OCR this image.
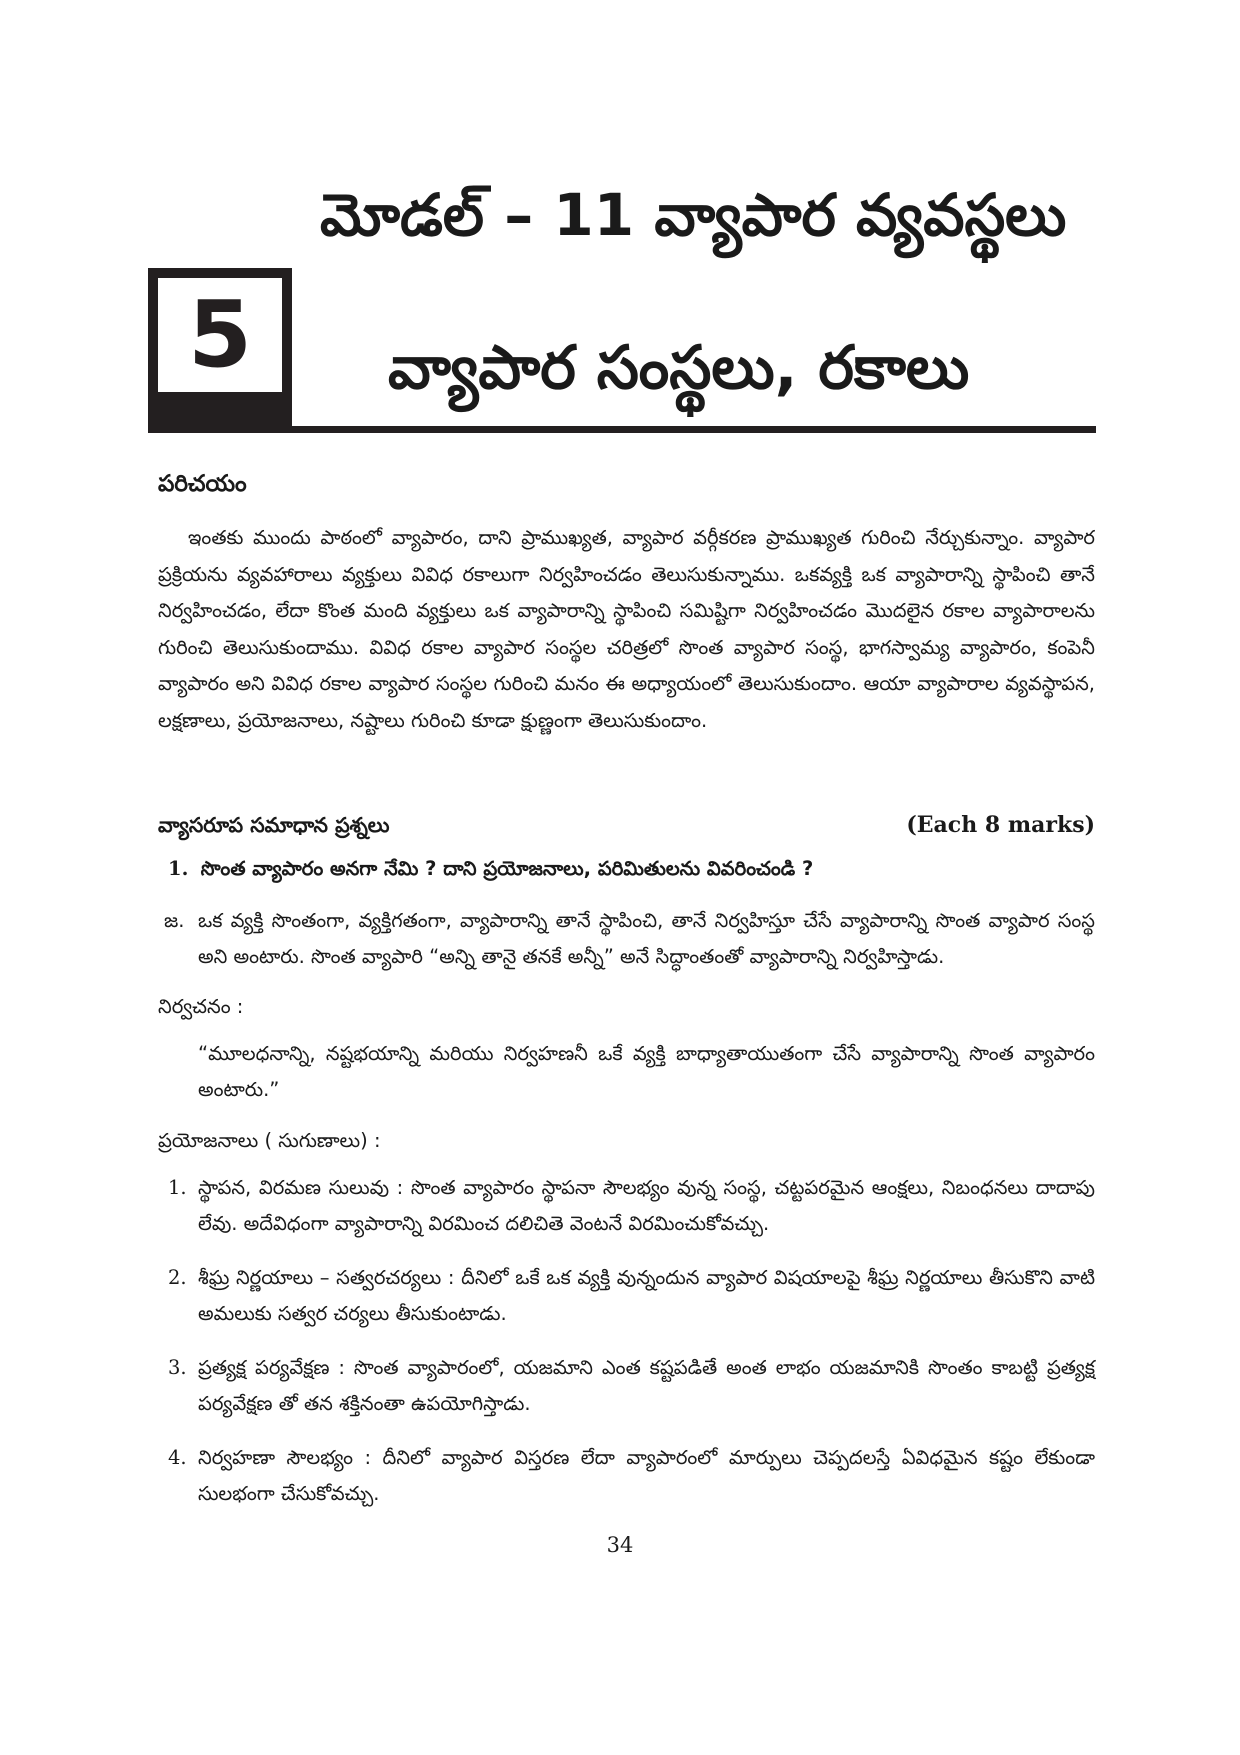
మోడల్ – 11 వ్యాపార వ్యవస్థలు
5 వ్యాపార సంస్థలు, రకాలు
పరిచయం

ఇంతకు ముందు పాఠంలో వ్యాపారం, దాని ప్రాముఖ్యత, వ్యాపార వర్గీకరణ ప్రాముఖ్యత గురించి నేర్చుకున్నాం. వ్యాపార ప్రక్రియను వ్యవహారాలు వ్యక్తులు వివిధ రకాలుగా నిర్వహించడం తెలుసుకున్నాము. ఒకవ్యక్తి ఒక వ్యాపారాన్ని స్థాపించి తానే నిర్వహించడం, లేదా కొంత మంది వ్యక్తులు ఒక వ్యాపారాన్ని స్థాపించి సమిష్టిగా నిర్వహించడం మొదలైన రకాల వ్యాపారాలను గురించి తెలుసుకుందాము. వివిధ రకాల వ్యాపార సంస్థల చరిత్రలో సొంత వ్యాపార సంస్థ, భాగస్వామ్య వ్యాపారం, కంపెనీ వ్యాపారం అని వివిధ రకాల వ్యాపార సంస్థల గురించి మనం ఈ అధ్యాయంలో తెలుసుకుందాం. ఆయా వ్యాపారాల వ్యవస్థాపన, లక్షణాలు, ప్రయోజనాలు, నష్టాలు గురించి కూడా క్షుణ్ణంగా తెలుసుకుందాం.

వ్యాసరూప సమాధాన ప్రశ్నలు	(Each 8 marks)
1. సొంత వ్యాపారం అనగా నేమి ? దాని ప్రయోజనాలు, పరిమితులను వివరించండి ?
జ. ఒక వ్యక్తి సొంతంగా, వ్యక్తిగతంగా, వ్యాపారాన్ని తానే స్థాపించి, తానే నిర్వహిస్తూ చేసే వ్యాపారాన్ని సొంత వ్యాపార సంస్థ అని అంటారు. సొంత వ్యాపారి “అన్ని తానై తనకే అన్నీ” అనే సిద్ధాంతంతో వ్యాపారాన్ని నిర్వహిస్తాడు.

నిర్వచనం :

“మూలధనాన్ని, నష్టభయాన్ని మరియు నిర్వహణనీ ఒకే వ్యక్తి బాధ్యాతాయుతంగా చేసే వ్యాపారాన్ని సొంత వ్యాపారం అంటారు.”

ప్రయోజనాలు ( సుగుణాలు) :
1. స్థాపన, విరమణ సులువు : సొంత వ్యాపారం స్థాపనా సౌలభ్యం వున్న సంస్థ, చట్టపరమైన ఆంక్షలు, నిబంధనలు దాదాపు లేవు. అదేవిధంగా వ్యాపారాన్ని విరమించ దలిచితె వెంటనే విరమించుకోవచ్చు.

2. శీఘ్ర నిర్ణయాలు – సత్వరచర్యలు : దీనిలో ఒకే ఒక వ్యక్తి వున్నందున వ్యాపార విషయాలపై శీఘ్ర నిర్ణయాలు తీసుకొని వాటి అమలుకు సత్వర చర్యలు తీసుకుంటాడు.

3. ప్రత్యక్ష పర్యవేక్షణ : సొంత వ్యాపారంలో, యజమాని ఎంత కష్టపడితే అంత లాభం యజమానికి సొంతం కాబట్టి ప్రత్యక్ష పర్యవేక్షణ తో తన శక్తినంతా ఉపయోగిస్తాడు.

4. నిర్వహణా సౌలభ్యం : దీనిలో వ్యాపార విస్తరణ లేదా వ్యాపారంలో మార్పులు చెప్పదలస్తే ఏవిధమైన కష్టం లేకుండా సులభంగా చేసుకోవచ్చు.

34
